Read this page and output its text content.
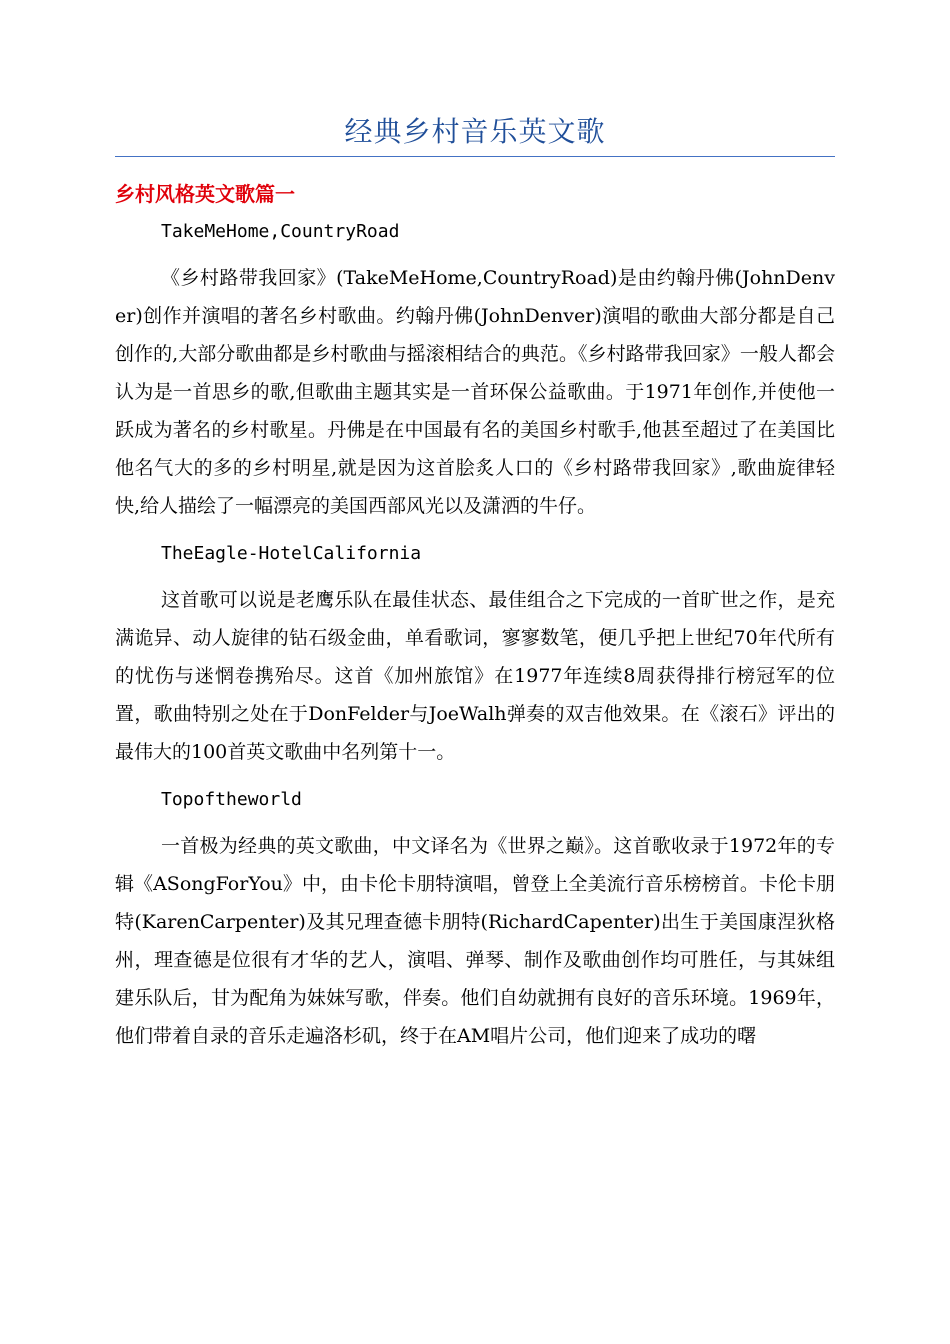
经典乡村音乐英文歌
乡村风格英文歌篇一

TakeMeHome,CountryRoad

《乡村路带我回家》(TakeMeHome,CountryRoad)是由约翰丹佛(JohnDenver)创作并演唱的著名乡村歌曲。约翰丹佛(JohnDenver)演唱的歌曲大部分都是自己创作的,大部分歌曲都是乡村歌曲与摇滚相结合的典范。《乡村路带我回家》一般人都会认为是一首思乡的歌,但歌曲主题其实是一首环保公益歌曲。于1971年创作,并使他一跃成为著名的乡村歌星。丹佛是在中国最有名的美国乡村歌手,他甚至超过了在美国比他名气大的多的乡村明星,就是因为这首脍炙人口的《乡村路带我回家》,歌曲旋律轻快,给人描绘了一幅漂亮的美国西部风光以及潇洒的牛仔。

TheEagle-HotelCalifornia

这首歌可以说是老鹰乐队在最佳状态、最佳组合之下完成的一首旷世之作，是充满诡异、动人旋律的钻石级金曲，单看歌词，寥寥数笔，便几乎把上世纪70年代所有的忧伤与迷惘卷携殆尽。这首《加州旅馆》在1977年连续8周获得排行榜冠军的位置，歌曲特别之处在于DonFelder与JoeWalh弹奏的双吉他效果。在《滚石》评出的最伟大的100首英文歌曲中名列第十一。

Topoftheworld

一首极为经典的英文歌曲，中文译名为《世界之巅》。这首歌收录于1972年的专辑《ASongForYou》中，由卡伦卡朋特演唱，曾登上全美流行音乐榜榜首。卡伦卡朋特(KarenCarpenter)及其兄理查德卡朋特(RichardCapenter)出生于美国康涅狄格州，理查德是位很有才华的艺人，演唱、弹琴、制作及歌曲创作均可胜任，与其妹组建乐队后，甘为配角为妹妹写歌，伴奏。他们自幼就拥有良好的音乐环境。1969年，他们带着自录的音乐走遍洛杉矶，终于在AM唱片公司，他们迎来了成功的曙
